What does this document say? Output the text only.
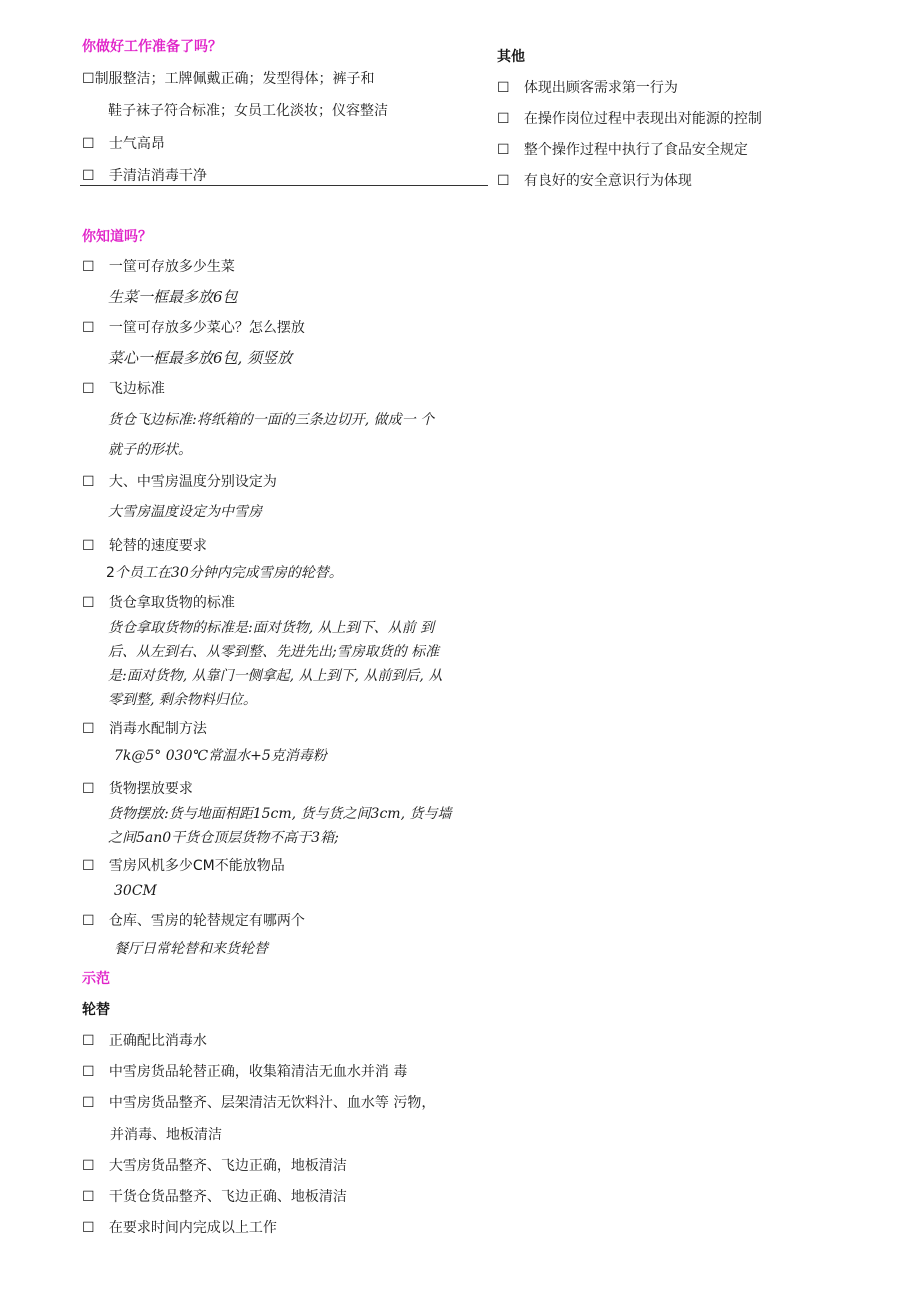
你做好工作准备了吗？
☐制服整洁；工牌佩戴正确；发型得体；裤子和
鞋子袜子符合标准；女员工化淡妆；仪容整洁
☐ 士气高昂
☐ 手清洁消毒干净
其他
☐ 体现出顾客需求第一行为
☐ 在操作岗位过程中表现出对能源的控制
☐ 整个操作过程中执行了食品安全规定
☐ 有良好的安全意识行为体现
你知道吗？
☐ 一筐可存放多少生菜
生菜一框最多放6包
☐ 一筐可存放多少菜心？怎么摆放
菜心一框最多放6包, 须竖放
☐ 飞边标准
货仓飞边标准:将纸箱的一面的三条边切开, 做成一 个
就子的形状。
☐ 大、中雪房温度分别设定为
大雪房温度设定为中雪房
☐ 轮替的速度要求
2个员工在30分钟内完成雪房的轮替。
☐ 货仓拿取货物的标准
货仓拿取货物的标准是:面对货物, 从上到下、从前 到
后、从左到右、从零到整、先进先出;雪房取货的 标准
是:面对货物, 从靠门一侧拿起, 从上到下, 从前到后, 从
零到整, 剩余物料归位。
☐ 消毒水配制方法
7k@5° 030℃常温水+5克消毒粉
☐ 货物摆放要求
货物摆放:货与地面相距15cm, 货与货之间3cm, 货与墙
之间5an0干货仓顶层货物不高于3箱;
☐ 雪房风机多少CM不能放物品
30CM
☐ 仓库、雪房的轮替规定有哪两个
餐厅日常轮替和来货轮替
示范
轮替
☐ 正确配比消毒水
☐ 中雪房货品轮替正确，收集箱清洁无血水并消 毒
☐ 中雪房货品整齐、层架清洁无饮料汁、血水等 污物，
并消毒、地板清洁
☐ 大雪房货品整齐、飞边正确，地板清洁
☐ 干货仓货品整齐、飞边正确、地板清洁
☐ 在要求时间内完成以上工作
